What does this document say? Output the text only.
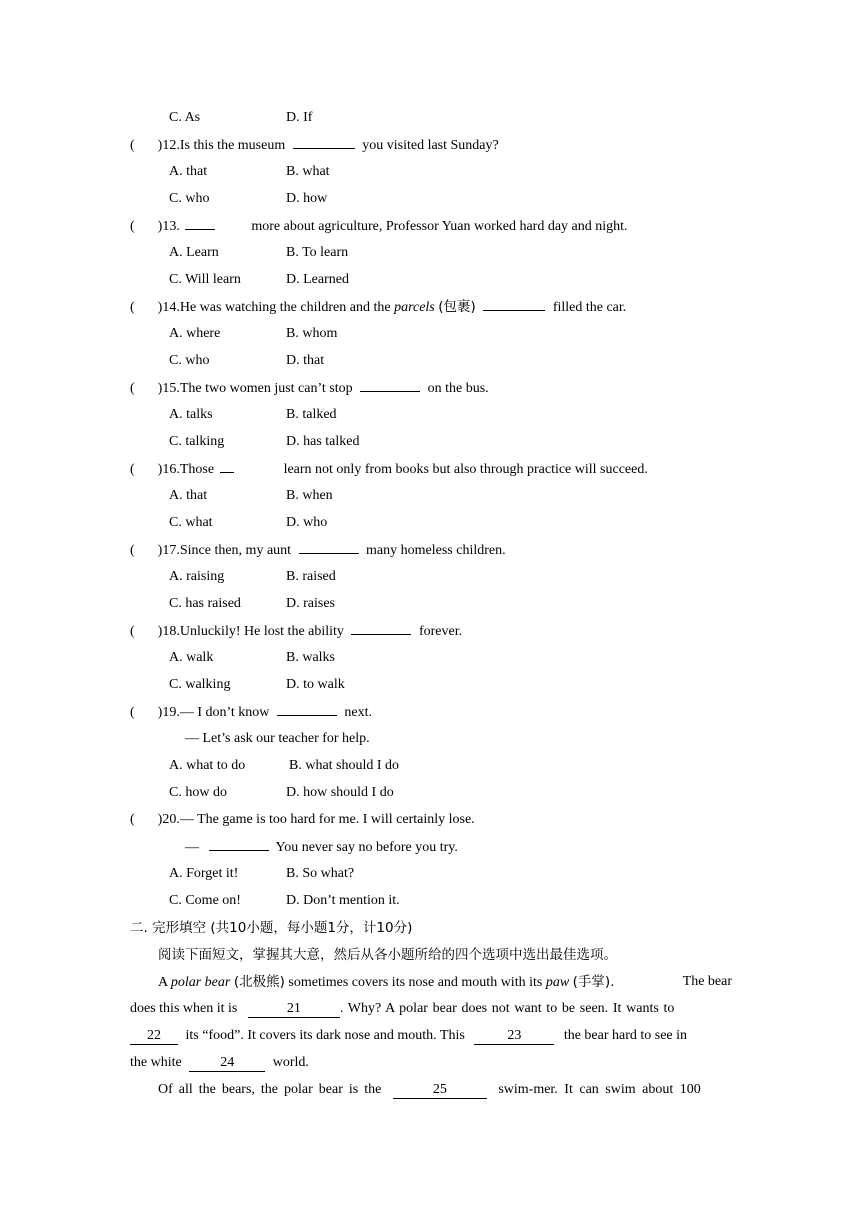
C. As	D. If
( )12.Is this the museum	you visited last Sunday?
A. that	B. what
C. who	D. how
( )13.	more about agriculture, Professor Yuan worked hard day and night.
A. Learn	B. To learn
C. Will learn	D. Learned
( )14.He was watching the children and the parcels (包裹)	filled the car.
A. where	B. whom
C. who	D. that
( )15.The two women just can’t stop	on the bus.
A. talks	B. talked
C. talking	D. has talked
( )16.Those	learn not only from books but also through practice will succeed.
A. that	B. when
C. what	D. who
( )17.Since then, my aunt	many homeless children.
A. raising	B. raised
C. has raised	D. raises
( )18.Unluckily! He lost the ability	forever.
A. walk	B. walks
C. walking	D. to walk
( )19.— I don’t know	next.
— Let’s ask our teacher for help.
A. what to do	B. what should I do
C. how do	D. how should I do
( )20.— The game is too hard for me. I will certainly lose.
—	You never say no before you try.
A. Forget it!	B. So what?
C. Come on!	D. Don’t mention it.
二. 完形填空 (共10小题，每小题1分，计10分)
阅读下面短文，掌握其大意，然后从各小题所给的四个选项中选出最佳选项。
A polar bear (北极熊) sometimes covers its nose and mouth with its paw (手掌).	The bear
does this when it is	21	. Why? A polar bear does not want to be seen. It wants to
22 its “food”. It covers its dark nose and mouth. This	23	the bear hard to see in
the white	24	world.
Of all the bears, the polar bear is the	25	swim-mer. It can swim about 100
